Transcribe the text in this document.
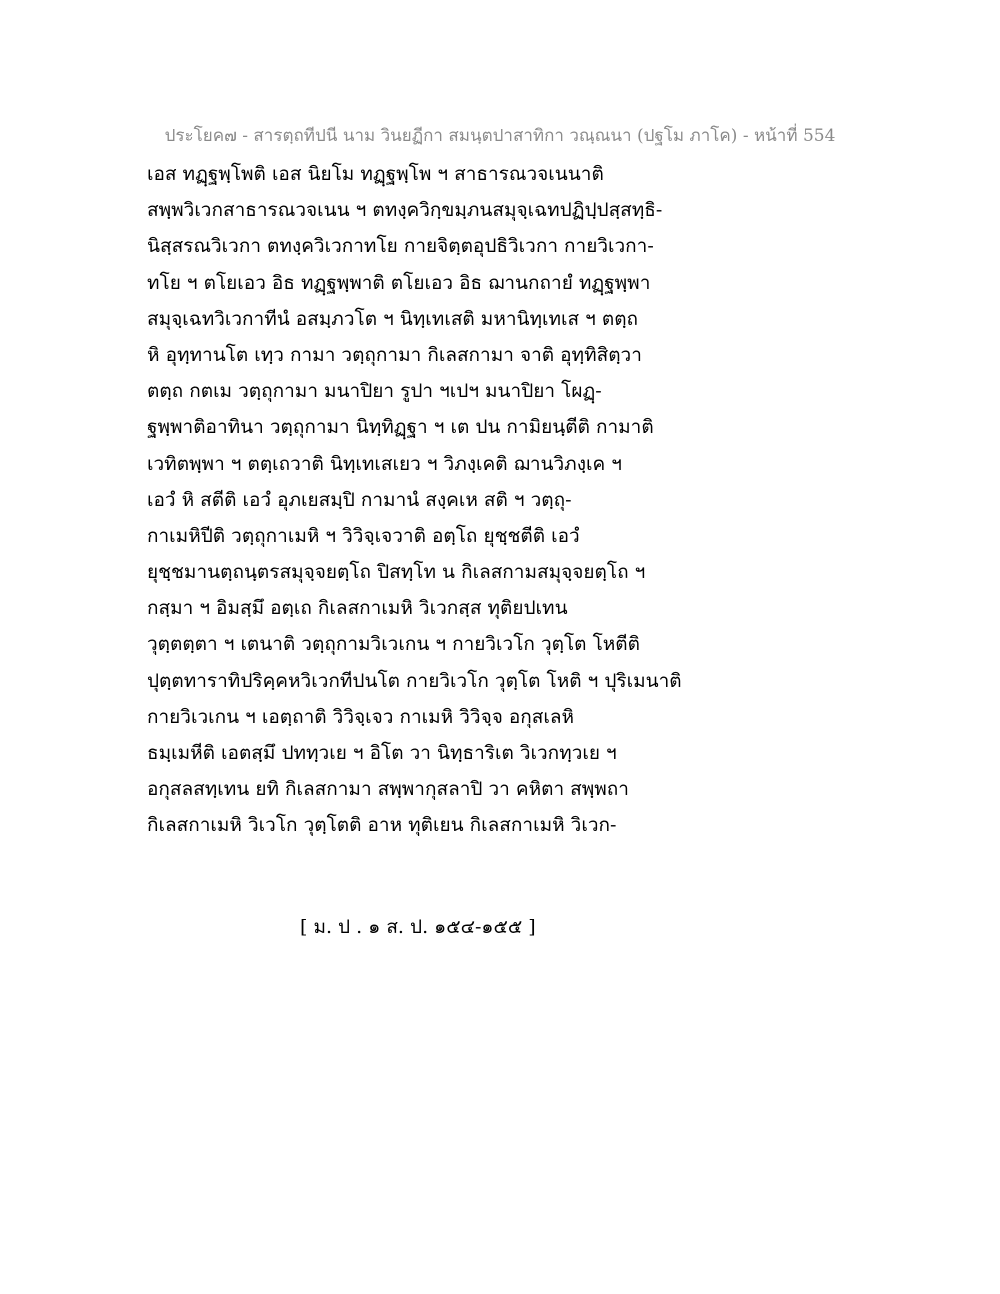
ประโยค๗ - สารตฺถทีปนี นาม วินยฏีกา สมนฺตปาสาทิกา วณฺณนา (ปฐโม ภาโค) - หน้าที่ 554
เอส ทฏฺฐพฺโพติ เอส นิยโม ทฏฺฐพฺโพ ฯ สาธารณวจเนนาติ
สพฺพวิเวกสาธารณวจเนน ฯ ตทงฺควิกฺขมฺภนสมุจฺเฉทปฏิปฺปสฺสทฺธิ-
นิสฺสรณวิเวกา ตทงฺควิเวกาทโย กายจิตฺตอุปธิวิเวกา กายวิเวกา-
ทโย ฯ ตโยเอว อิธ ทฏฺฐพฺพาติ ตโยเอว อิธ ฌานกถายํ ทฏฺฐพฺพา
สมุจฺเฉทวิเวกาทีนํ อสมฺภวโต ฯ นิทฺเทเสติ มหานิทฺเทเส ฯ ตตฺถ
หิ อุทฺทานโต เทฺว กามา วตฺถุกามา กิเลสกามา จาติ อุทฺทิสิตฺวา
ตตฺถ กตเม วตฺถุกามา มนาปิยา รูปา ฯเปฯ มนาปิยา โผฏฺ-
ฐพฺพาติอาทินา วตฺถุกามา นิทฺทิฏฺฐา ฯ เต ปน กามิยนฺตีติ กามาติ
เวทิตพฺพา ฯ ตตฺเถวาติ นิทฺเทเสเยว ฯ วิภงฺเคติ ฌานวิภงฺเค ฯ
เอวํ หิ สตีติ เอวํ อุภเยสมฺปิ กามานํ สงฺคเห สติ ฯ วตฺถุ-
กาเมหิปีติ วตฺถุกาเมหิ ฯ วิวิจฺเจวาติ อตฺโถ ยุชฺชตีติ เอวํ
ยุชฺชมานตฺถนฺตรสมุจฺจยตฺโถ ปิสทฺโท น กิเลสกามสมุจฺจยตฺโถ ฯ
กสฺมา ฯ อิมสฺมึ อตฺเถ กิเลสกาเมหิ วิเวกสฺส ทุติยปเทน
วุตฺตตฺตา ฯ เตนาติ วตฺถุกามวิเวเกน ฯ กายวิเวโก วุตฺโต โหตีติ
ปุตฺตทาราทิปริคฺคหวิเวกทีปนโต กายวิเวโก วุตฺโต โหติ ฯ ปุริเมนาติ
กายวิเวเกน ฯ เอตฺถาติ วิวิจฺเจว กาเมหิ วิวิจฺจ อกุสเลหิ
ธมฺเมหีติ เอตสฺมึ ปททฺวเย ฯ อิโต วา นิทฺธาริเต วิเวกทฺวเย ฯ
อกุสลสทฺเทน ยทิ กิเลสกามา สพฺพากุสลาปิ วา คหิตา สพฺพถา
กิเลสกาเมหิ วิเวโก วุตฺโตติ อาห ทุติเยน กิเลสกาเมหิ วิเวก-
[ ม. ป . ๑ ส. ป. ๑๕๔-๑๕๕ ]
